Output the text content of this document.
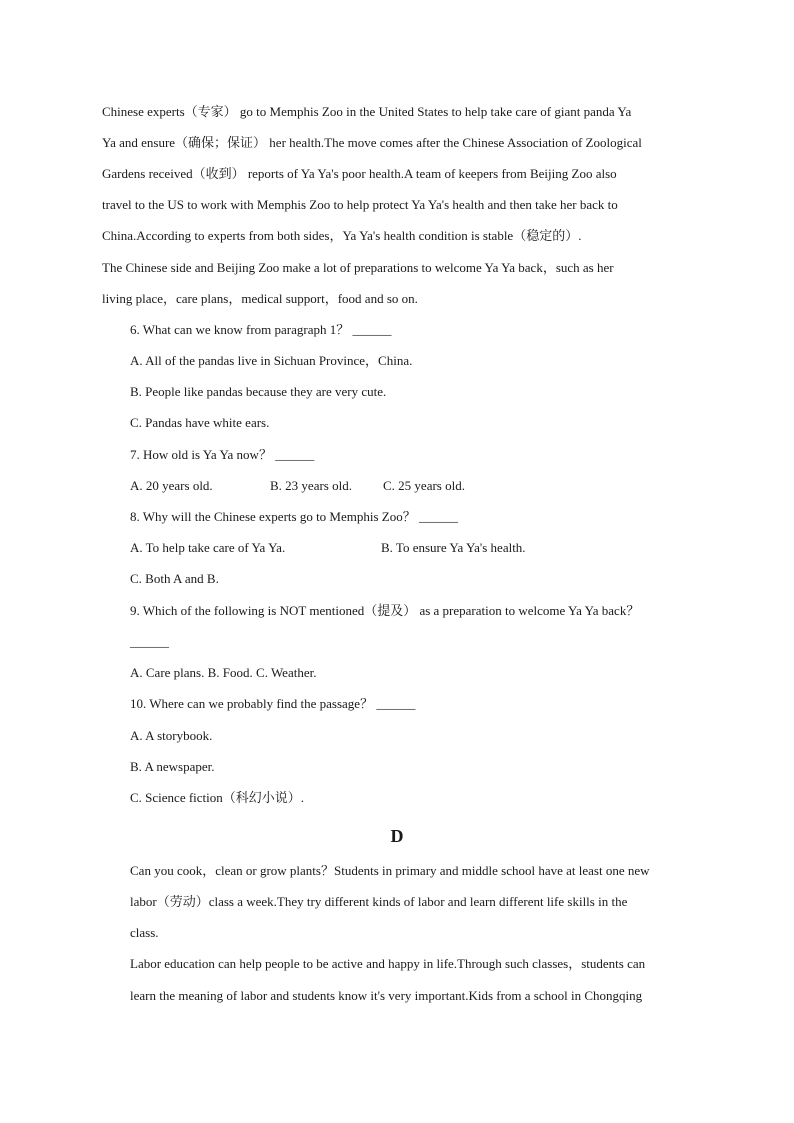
Chinese experts（专家） go to Memphis Zoo in the United States to help take care of giant panda Ya
Ya and ensure（确保；保证） her health.The move comes after the Chinese Association of Zoological
Gardens received（收到） reports of Ya Ya's poor health.A team of keepers from Beijing Zoo also
travel to the US to work with Memphis Zoo to help protect Ya Ya's health and then take her back to
China.According to experts from both sides，Ya Ya's health condition is stable（稳定的）.
The Chinese side and Beijing Zoo make a lot of preparations to welcome Ya Ya back，such as her
living place，care plans，medical support，food and so on.
6. What can we know from paragraph 1？ ______
A. All of the pandas live in Sichuan Province，China.
B. People like pandas because they are very cute.
C. Pandas have white ears.
7. How old is Ya Ya now？ ______
A. 20 years old.	B. 23 years old. C. 25 years old.
8. Why will the Chinese experts go to Memphis Zoo？ ______
A. To help take care of Ya Ya.	B. To ensure Ya Ya's health.
C. Both A and B.
9. Which of the following is NOT mentioned（提及） as a preparation to welcome Ya Ya back？
______
A. Care plans. B. Food. C. Weather.
10. Where can we probably find the passage？ ______
A. A storybook.
B. A newspaper.
C. Science fiction（科幻小说）.
D
Can you cook，clean or grow plants？Students in primary and middle school have at least one new
labor（劳动）class a week.They try different kinds of labor and learn different life skills in the
class.
Labor education can help people to be active and happy in life.Through such classes，students can
learn the meaning of labor and students know it's very important.Kids from a school in Chongqing
